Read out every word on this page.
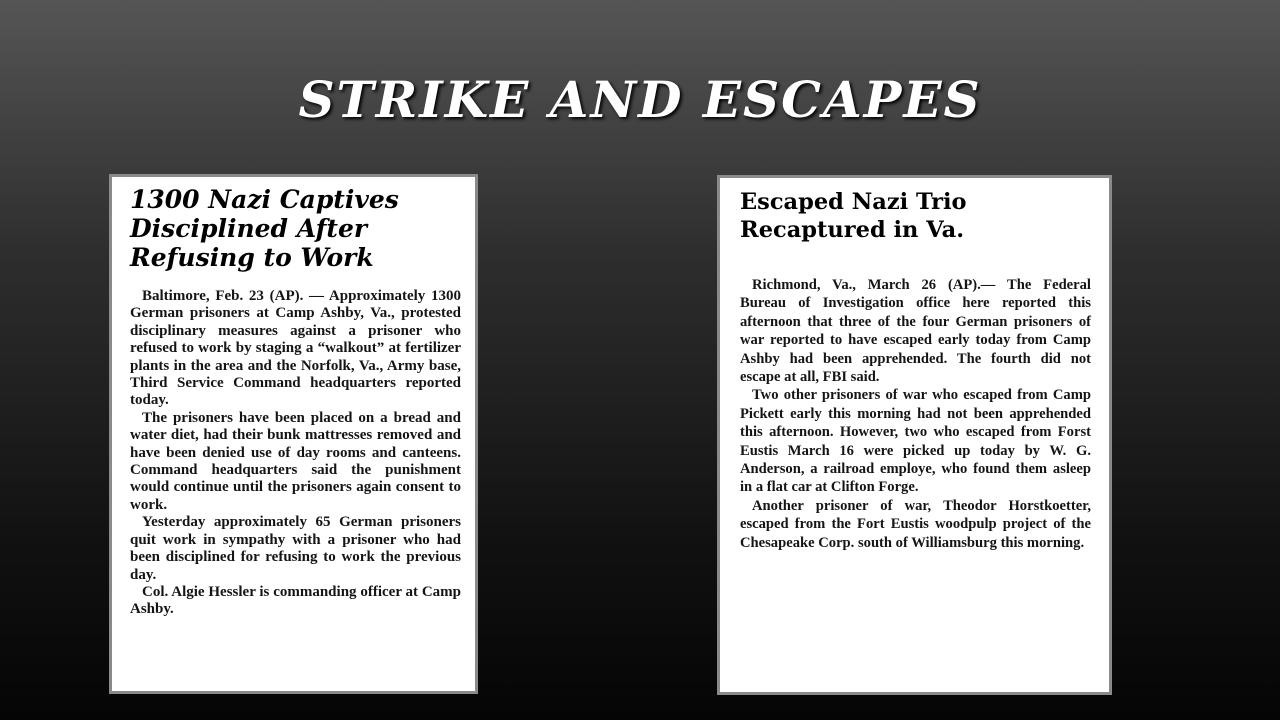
STRIKE AND ESCAPES
1300 Nazi Captives Disciplined After Refusing to Work

Baltimore, Feb. 23 (AP). — Approximately 1300 German prisoners at Camp Ashby, Va., protested disciplinary measures against a prisoner who refused to work by staging a “walkout” at fertilizer plants in the area and the Norfolk, Va., Army base, Third Service Command headquarters reported today.

The prisoners have been placed on a bread and water diet, had their bunk mattresses removed and have been denied use of day rooms and canteens. Command headquarters said the punishment would continue until the prisoners again consent to work.

Yesterday approximately 65 German prisoners quit work in sympathy with a prisoner who had been disciplined for refusing to work the previous day.

Col. Algie Hessler is commanding officer at Camp Ashby.

Escaped Nazi Trio Recaptured in Va.

Richmond, Va., March 26 (AP).— The Federal Bureau of Investigation office here reported this afternoon that three of the four German prisoners of war reported to have escaped early today from Camp Ashby had been apprehended. The fourth did not escape at all, FBI said.

Two other prisoners of war who escaped from Camp Pickett early this morning had not been apprehended this afternoon. However, two who escaped from Forst Eustis March 16 were picked up today by W. G. Anderson, a railroad employe, who found them asleep in a flat car at Clifton Forge.

Another prisoner of war, Theodor Horstkoetter, escaped from the Fort Eustis woodpulp project of the Chesapeake Corp. south of Williamsburg this morning.
